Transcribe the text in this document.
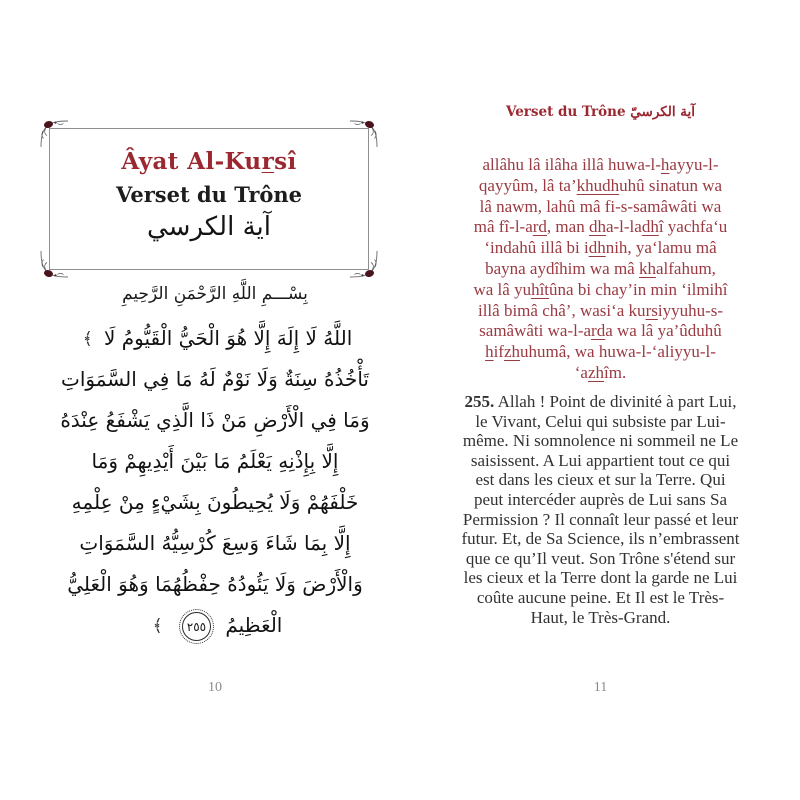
Âyat Al-Kursî
Verset du Trône
آية الكرسي
بِسْـــمِ اللَّهِ الرَّحْمَنِ الرَّحِيمِ
اللَّهُ لَا إِلَهَ إِلَّا هُوَ الْحَيُّ الْقَيُّومُ لَا ﴾
تَأْخُذُهُ سِنَةٌ وَلَا نَوْمٌ لَهُ مَا فِي السَّمَوَاتِ
وَمَا فِي الْأَرْضِ مَنْ ذَا الَّذِي يَشْفَعُ عِنْدَهُ
إِلَّا بِإِذْنِهِ يَعْلَمُ مَا بَيْنَ أَيْدِيهِمْ وَمَا
خَلْفَهُمْ وَلَا يُحِيطُونَ بِشَيْءٍ مِنْ عِلْمِهِ
إِلَّا بِمَا شَاءَ وَسِعَ كُرْسِيُّهُ السَّمَوَاتِ
وَالْأَرْضَ وَلَا يَئُودُهُ حِفْظُهُمَا وَهُوَ الْعَلِيُّ
الْعَظِيمُ ٢٥٥ ﴾
10
Verset du Trône آية الكرسيّ
allâhu lâ ilâha illâ huwa-l-hayyu-l-
qayyûm, lâ ta’khudhuhû sinatun wa
lâ nawm, lahû mâ fi-s-samâwâti wa
mâ fî-l-ard, man dha-l-ladhî yachfa‘u
‘indahû illâ bi idhnih, ya‘lamu mâ
bayna aydîhim wa mâ khalfahum,
wa lâ yuhîtûna bi chay’in min ‘ilmihî
illâ bimâ châ’, wasi‘a kursiyyuhu-s-
samâwâti wa-l-arda wa lâ ya’ûduhû
hifzhuhumâ, wa huwa-l-‘aliyyu-l-
‘azhîm.
255. Allah ! Point de divinité à part Lui,
le Vivant, Celui qui subsiste par Lui-
même. Ni somnolence ni sommeil ne Le
saisissent. A Lui appartient tout ce qui
est dans les cieux et sur la Terre. Qui
peut intercéder auprès de Lui sans Sa
Permission ? Il connaît leur passé et leur
futur. Et, de Sa Science, ils n’embrassent
que ce qu’Il veut. Son Trône s'étend sur
les cieux et la Terre dont la garde ne Lui
coûte aucune peine. Et Il est le Très-
Haut, le Très-Grand.
11
